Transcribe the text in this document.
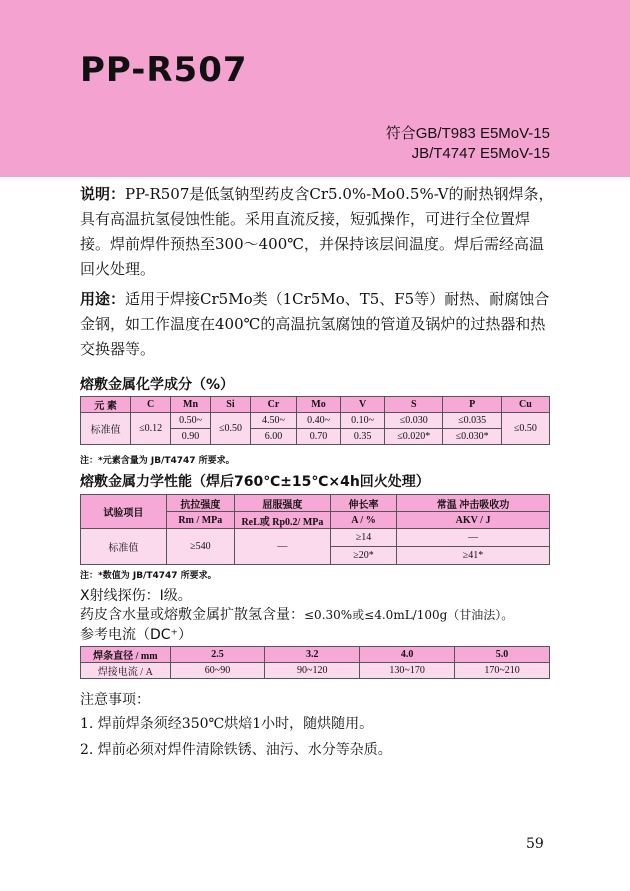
PP-R507
符合GB/T983 E5MoV-15
JB/T4747 E5MoV-15
说明：PP-R507是低氢钠型药皮含Cr5.0%-Mo0.5%-V的耐热钢焊条，具有高温抗氢侵蚀性能。采用直流反接，短弧操作，可进行全位置焊接。焊前焊件预热至300～400℃，并保持该层间温度。焊后需经高温回火处理。
用途：适用于焊接Cr5Mo类（1Cr5Mo、T5、F5等）耐热、耐腐蚀合金钢，如工作温度在400℃的高温抗氢腐蚀的管道及锅炉的过热器和热交换器等。
熔敷金属化学成分（%）
元 素	C	Mn	Si	Cr	Mo	V	S	P	Cu
标准值	≤0.12	0.50~	≤0.50	4.50~	0.40~	0.10~	≤0.030	≤0.035	≤0.50
		0.90		6.00	0.70	0.35	≤0.020*	≤0.030*	
注：*元素含量为 JB/T4747 所要求。
熔敷金属力学性能（焊后760℃±15℃×4h回火处理）
试验项目	抗拉强度	屈服强度	伸长率	常温 冲击吸收功
	Rm / MPa	ReL或 Rp0.2/ MPa	A / %	AKV / J
标准值	≥540	—	≥14	—
			≥20*	≥41*
注：*数值为 JB/T4747 所要求。
X射线探伤：Ⅰ级。
药皮含水量或熔敷金属扩散氢含量：≤0.30%或≤4.0mL/100g（甘油法）。
参考电流（DC⁺）
焊条直径 / mm	2.5	3.2	4.0	5.0
焊接电流 / A	60~90	90~120	130~170	170~210
注意事项：
1. 焊前焊条须经350℃烘焙1小时，随烘随用。
2. 焊前必须对焊件清除铁锈、油污、水分等杂质。
59
